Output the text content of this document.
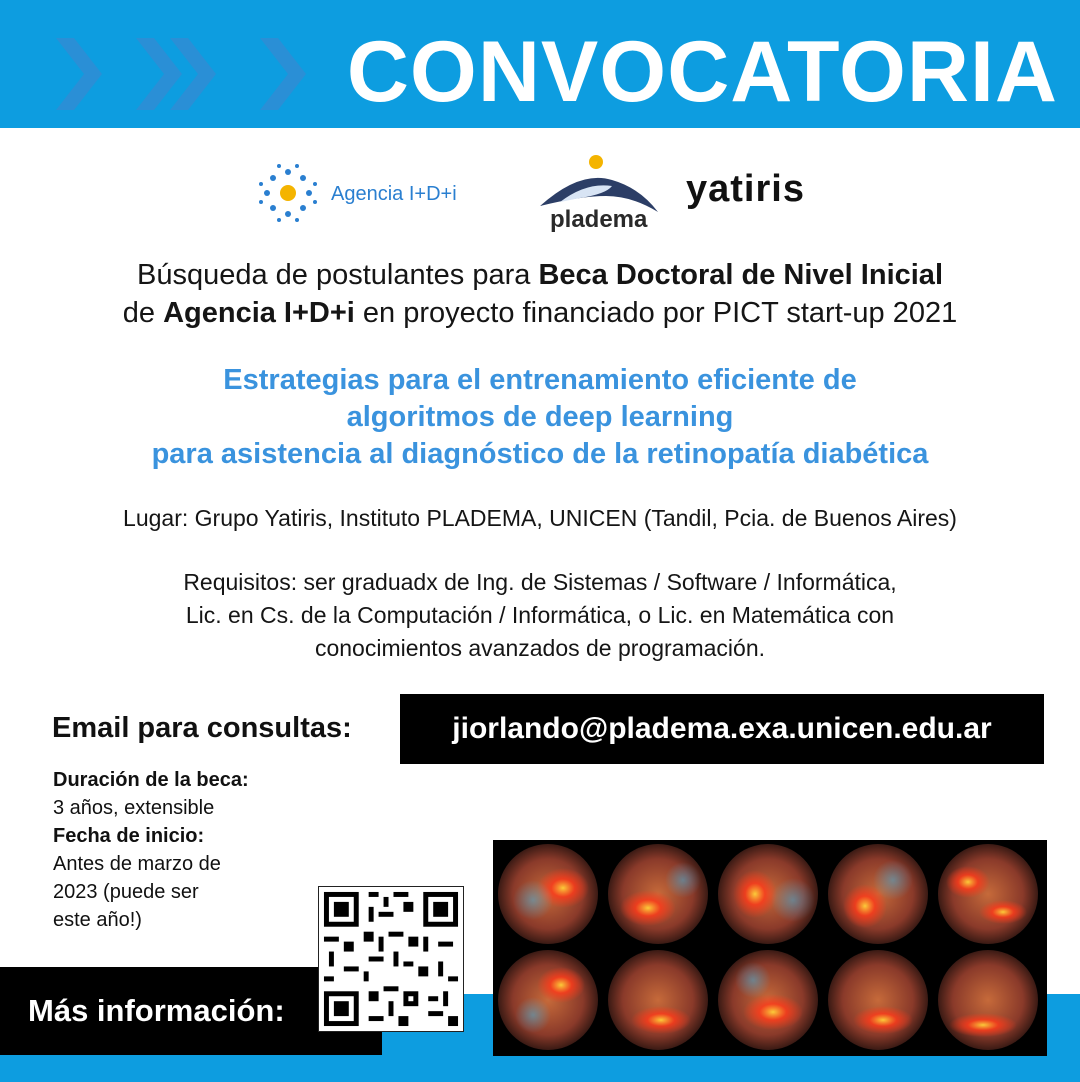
CONVOCATORIA
Agencia I+D+i
pladema
yatiris
Búsqueda de postulantes para Beca Doctoral de Nivel Inicial
de Agencia I+D+i en proyecto financiado por PICT start-up 2021
Estrategias para el entrenamiento eficiente de
algoritmos de deep learning
para asistencia al diagnóstico de la retinopatía diabética
Lugar: Grupo Yatiris, Instituto PLADEMA, UNICEN (Tandil, Pcia. de Buenos Aires)
Requisitos: ser graduadx de Ing. de Sistemas / Software / Informática,
Lic. en Cs. de la Computación / Informática, o Lic. en Matemática con
conocimientos avanzados de programación.
Email para consultas:	jiorlando@pladema.exa.unicen.edu.ar
Duración de la beca:
3 años, extensible
Fecha de inicio:
Antes de marzo de
2023 (puede ser
este año!)
Más información:
